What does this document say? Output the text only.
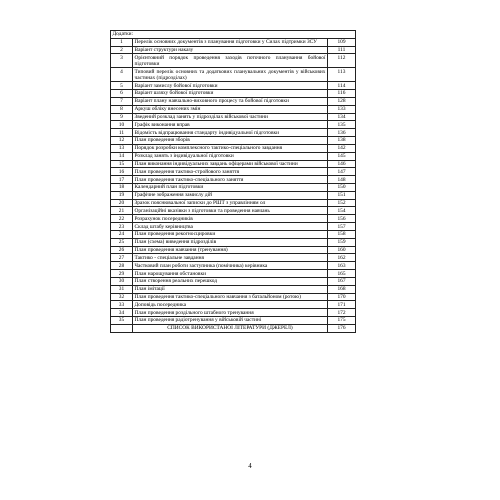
Додатки:		
1	Перелік основних документів з планування підготовки у Силах підтримки ЗСУ	109
2	Варіант структури наказу	111
3	Орієнтовний порядок проведення заходів поточного планування бойової підготовки	112
4	Типовий перелік основних та додаткових планувальних документів у військових частинах (підрозділах)	113
5	Варіант замислу бойової підготовки	114
6	Варіант шляху бойової підготовки	116
7	Варіант плану навчально-виховного процесу та бойової підготовки	128
8	Аркуш обліку внесених змін	133
9	Зведений розклад занять у підрозділах військової частини	134
10	Графік виконання вправ	135
11	Відомість відпрацювання стандарту індивідуальної підготовки	136
12	План проведення зборів	138
13	Порядок розробки комплексного тактико-спеціального завдання	142
14	Розклад занять з індивідуальної підготовки	145
15	План виконання індивідуальних завдань офіцерами військової частини	146
16	План проведення тактико-стройового заняття	147
17	План проведення тактико-спеціального заняття	148
18	Календарний план підготовки	150
19	Графічне зображення замислу дій	151
20	Зразок пояснювальної записки до РШТ з управлінням ол	152
21	Організаційні вказівки з підготовки та проведення навчань	154
22	Розрахунок посередників	156
23	Склад штабу керівництва	157
24	План проведення рекогносцировки	158
25	План (схема) виведення підрозділів	159
26	План проведення навчання (тренування)	160
27	Тактико - спеціальне завдання	162
28	Частковий план роботи заступника (помічника) керівника	163
29	План нарощування обстановки	165
30	План створення реальних перешкод	167
31	План імітації	168
32	План проведення тактико-спеціального навчання з батальйоном (ротою)	170
33	Доповідь посередника	171
34	План проведення роздільного штабного тренування	172
35	План проведення радіотренування у військовій частині	175
	СПИСОК ВИКОРИСТАНОЇ ЛІТЕРАТУРИ (ДЖЕРЕЛ)	176
4
